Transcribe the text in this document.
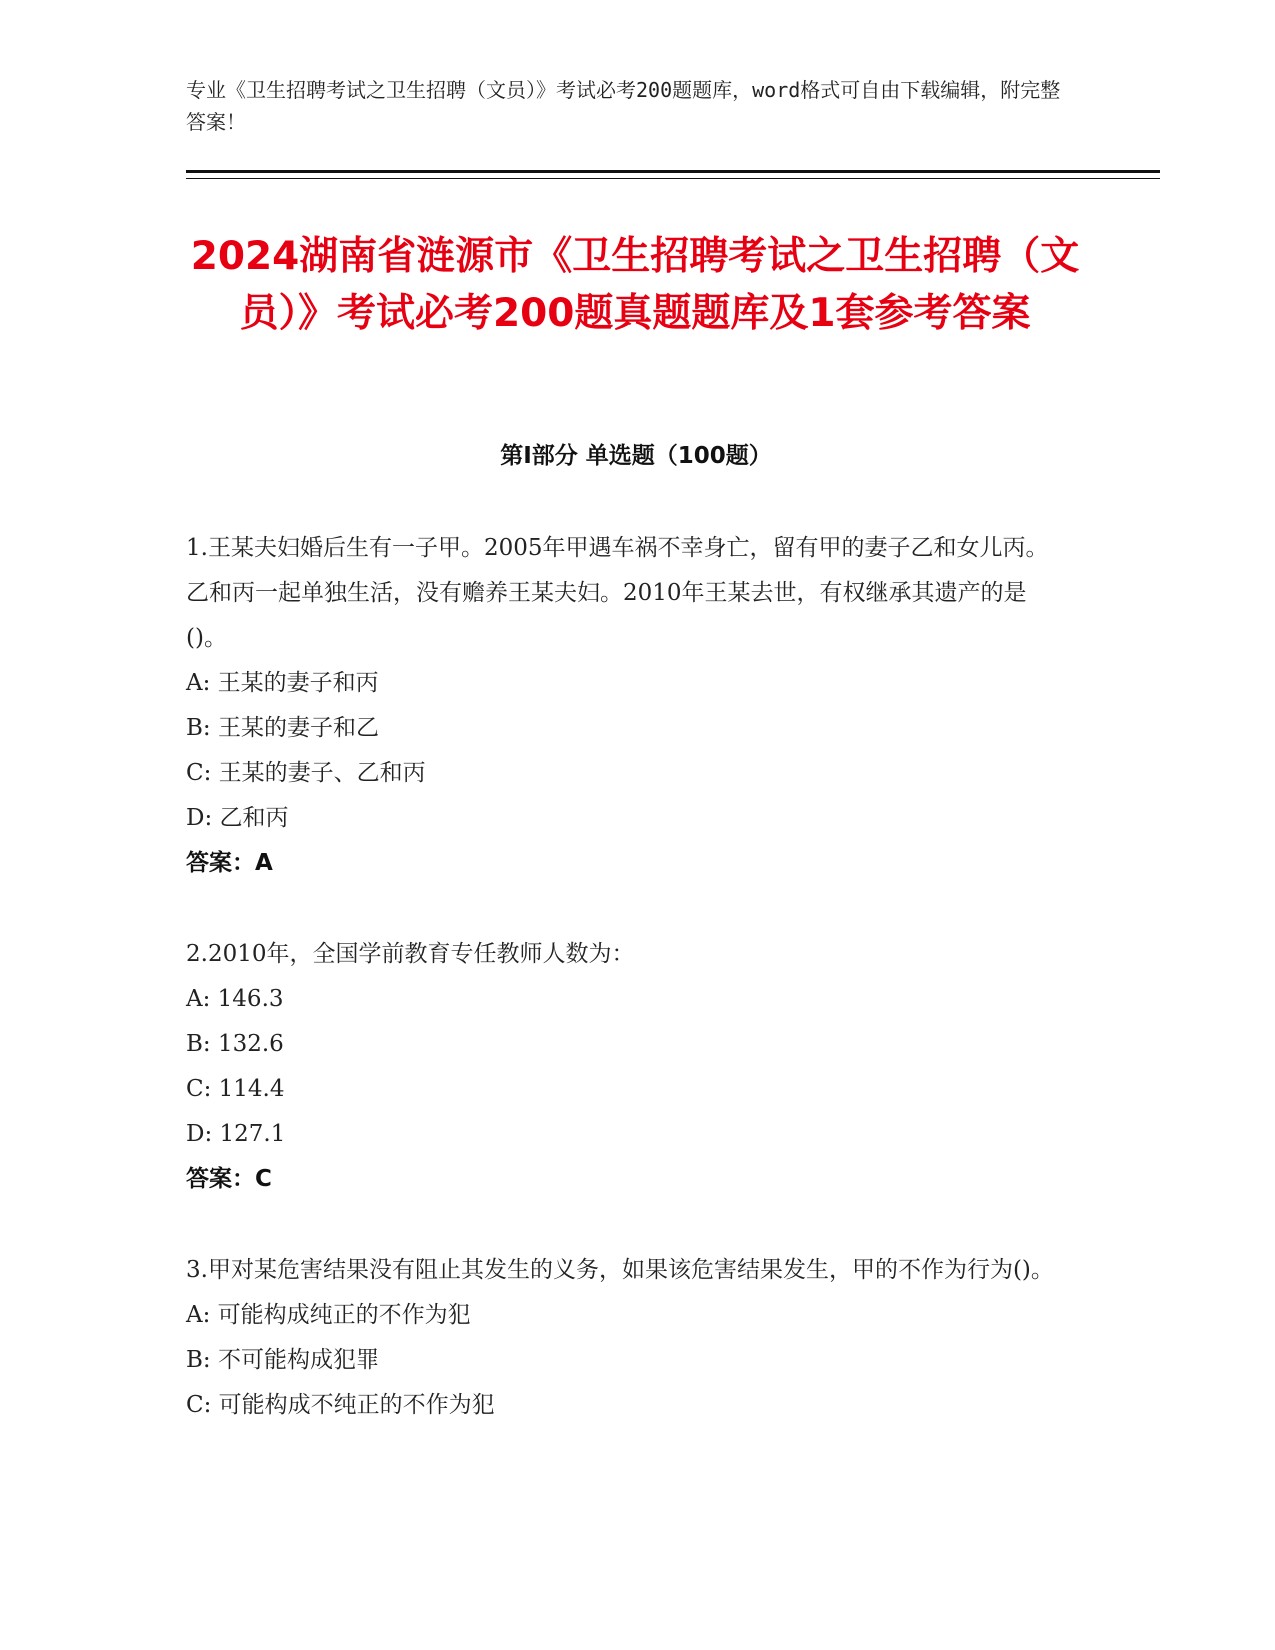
专业《卫生招聘考试之卫生招聘（文员）》考试必考200题题库，word格式可自由下载编辑，附完整答案！
2024湖南省涟源市《卫生招聘考试之卫生招聘（文员）》考试必考200题真题题库及1套参考答案
第Ⅰ部分 单选题（100题）
1.王某夫妇婚后生有一子甲。2005年甲遇车祸不幸身亡，留有甲的妻子乙和女儿丙。乙和丙一起单独生活，没有赡养王某夫妇。2010年王某去世，有权继承其遗产的是()。
A: 王某的妻子和丙
B: 王某的妻子和乙
C: 王某的妻子、乙和丙
D: 乙和丙
答案：A
2.2010年，全国学前教育专任教师人数为：
A: 146.3
B: 132.6
C: 114.4
D: 127.1
答案：C
3.甲对某危害结果没有阻止其发生的义务，如果该危害结果发生，甲的不作为行为()。
A: 可能构成纯正的不作为犯
B: 不可能构成犯罪
C: 可能构成不纯正的不作为犯
